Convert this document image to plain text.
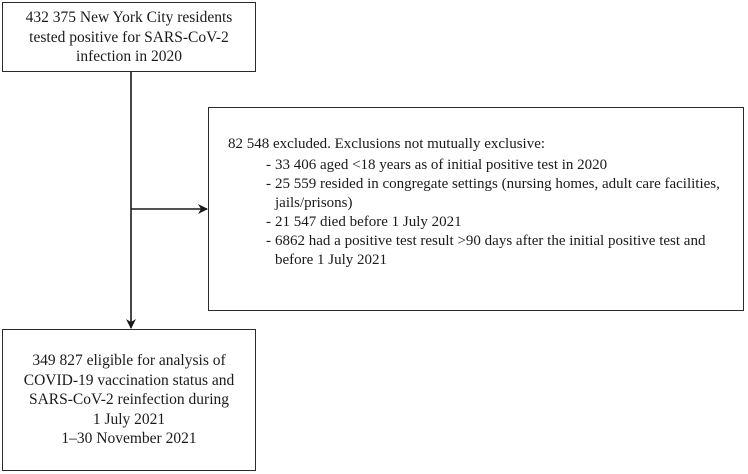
432 375 New York City residents
tested positive for SARS-CoV-2
infection in 2020
82 548 excluded. Exclusions not mutually exclusive:
- 33 406 aged <18 years as of initial positive test in 2020
- 25 559 resided in congregate settings (nursing homes, adult care facilities,
jails/prisons)
- 21 547 died before 1 July 2021
- 6862 had a positive test result >90 days after the initial positive test and
before 1 July 2021
349 827 eligible for analysis of
COVID-19 vaccination status and
SARS-CoV-2 reinfection during
1 July 2021
1–30 November 2021
